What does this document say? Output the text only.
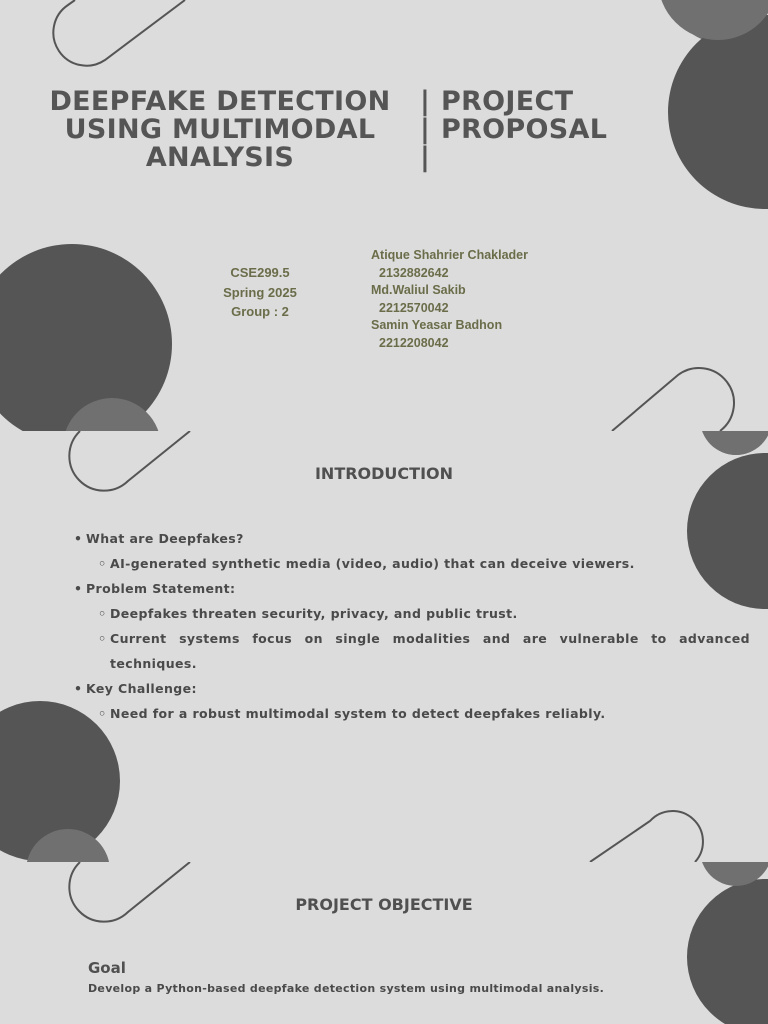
DEEPFAKE DETECTION
USING MULTIMODAL
ANALYSIS
|
|
|
PROJECT
PROPOSAL
CSE299.5
Spring 2025
Group : 2
Atique Shahrier Chaklader
2132882642
Md.Waliul Sakib
2212570042
Samin Yeasar Badhon
2212208042
INTRODUCTION
• What are Deepfakes?
◦ AI-generated synthetic media (video, audio) that can deceive viewers.
• Problem Statement:
◦ Deepfakes threaten security, privacy, and public trust.
◦ Current systems focus on single modalities and are vulnerable to advanced
techniques.
• Key Challenge:
◦ Need for a robust multimodal system to detect deepfakes reliably.
PROJECT OBJECTIVE
Goal
Develop a Python-based deepfake detection system using multimodal analysis.
